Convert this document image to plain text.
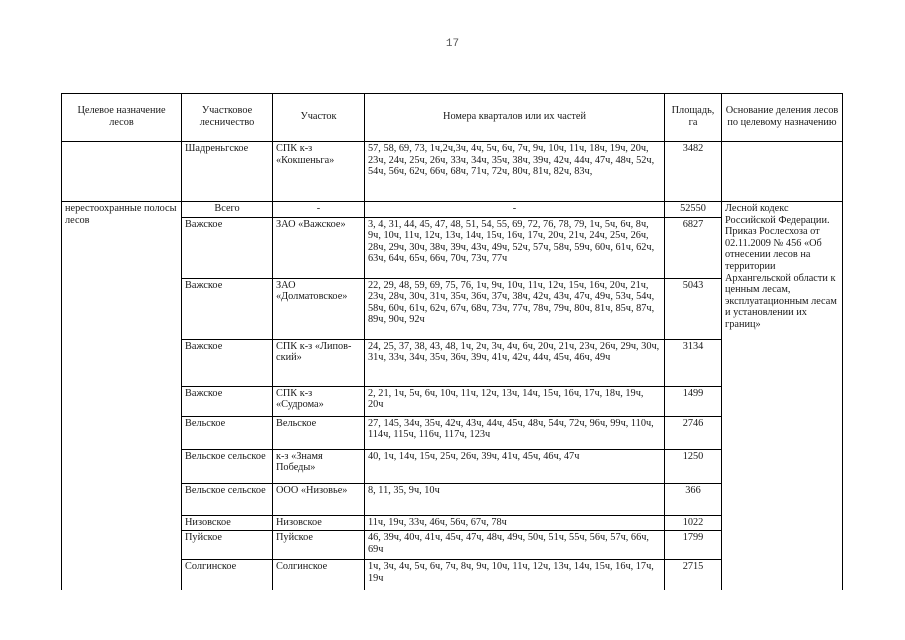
17
Целевое назначение лесов	Участковое лесничество	Участок	Номера кварталов или их частей	Площадь, га	Основание деления лесов по целевому назначению
	Шадреньгское	СПК к-з «Кокшеньга»	57, 58, 69, 73, 1ч,2ч,3ч, 4ч, 5ч, 6ч, 7ч, 9ч, 10ч, 11ч, 18ч, 19ч, 20ч, 23ч, 24ч, 25ч, 26ч, 33ч, 34ч, 35ч, 38ч, 39ч, 42ч, 44ч, 47ч, 48ч, 52ч, 54ч, 56ч, 62ч, 66ч, 68ч, 71ч, 72ч, 80ч, 81ч, 82ч, 83ч,	3482	
нерестоохранные полосы лесов	Всего	-	-	52550	Лесной кодекс Российской Федерации. Приказ Рослесхоза от 02.11.2009 № 456 «Об отнесении лесов на территории Архангельской области к ценным лесам, эксплуатационным лесам и установлении их границ»
	Важское	ЗАО «Важское»	3, 4, 31, 44, 45, 47, 48, 51, 54, 55, 69, 72, 76, 78, 79, 1ч, 5ч, 6ч, 8ч, 9ч, 10ч, 11ч, 12ч, 13ч, 14ч, 15ч, 16ч, 17ч, 20ч, 21ч, 24ч, 25ч, 26ч, 28ч, 29ч, 30ч, 38ч, 39ч, 43ч, 49ч, 52ч, 57ч, 58ч, 59ч, 60ч, 61ч, 62ч, 63ч, 64ч, 65ч, 66ч, 70ч, 73ч, 77ч	6827	
	Важское	ЗАО «Долматовское»	22, 29, 48, 59, 69, 75, 76, 1ч, 9ч, 10ч, 11ч, 12ч, 15ч, 16ч, 20ч, 21ч, 23ч, 28ч, 30ч, 31ч, 35ч, 36ч, 37ч, 38ч, 42ч, 43ч, 47ч, 49ч, 53ч, 54ч, 58ч, 60ч, 61ч, 62ч, 67ч, 68ч, 73ч, 77ч, 78ч, 79ч, 80ч, 81ч, 85ч, 87ч, 89ч, 90ч, 92ч	5043	
	Важское	СПК к-з «Липов-ский»	24, 25, 37, 38, 43, 48, 1ч, 2ч, 3ч, 4ч, 6ч, 20ч, 21ч, 23ч, 26ч, 29ч, 30ч, 31ч, 33ч, 34ч, 35ч, 36ч, 39ч, 41ч, 42ч, 44ч, 45ч, 46ч, 49ч	3134	
	Важское	СПК к-з «Судрома»	2, 21, 1ч, 5ч, 6ч, 10ч, 11ч, 12ч, 13ч, 14ч, 15ч, 16ч, 17ч, 18ч, 19ч, 20ч	1499	
	Вельское	Вельское	27, 145, 34ч, 35ч, 42ч, 43ч, 44ч, 45ч, 48ч, 54ч, 72ч, 96ч, 99ч, 110ч, 114ч, 115ч, 116ч, 117ч, 123ч	2746	
	Вельское сельское	к-з «Знамя Победы»	40, 1ч, 14ч, 15ч, 25ч, 26ч, 39ч, 41ч, 45ч, 46ч, 47ч	1250	
	Вельское сельское	ООО «Низовье»	8, 11, 35, 9ч, 10ч	366	
	Низовское	Низовское	11ч, 19ч, 33ч, 46ч, 56ч, 67ч, 78ч	1022	
	Пуйское	Пуйское	46, 39ч, 40ч, 41ч, 45ч, 47ч, 48ч, 49ч, 50ч, 51ч, 55ч, 56ч, 57ч, 66ч, 69ч	1799	
	Солгинское	Солгинское	1ч, 3ч, 4ч, 5ч, 6ч, 7ч, 8ч, 9ч, 10ч, 11ч, 12ч, 13ч, 14ч, 15ч, 16ч, 17ч, 19ч	2715	
